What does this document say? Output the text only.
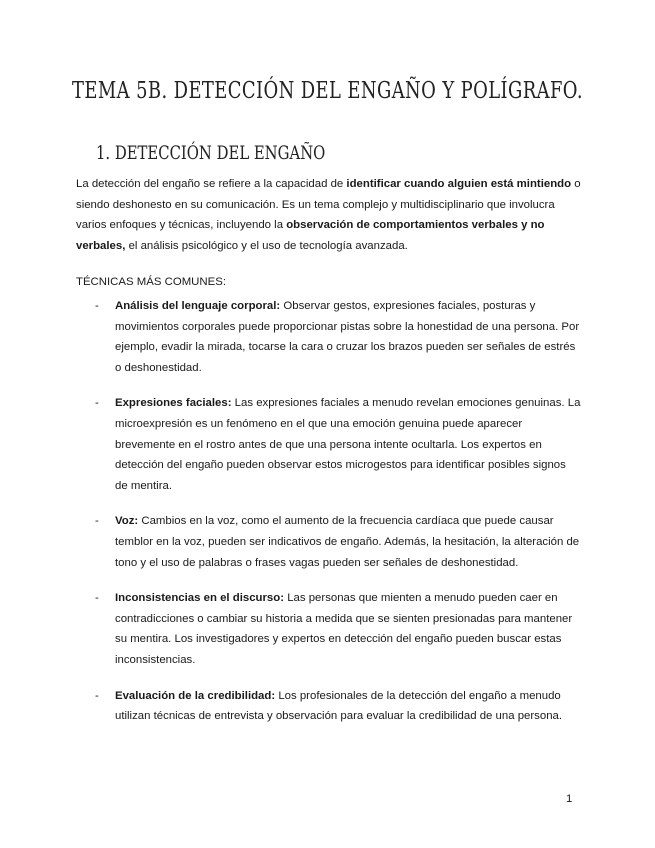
TEMA 5B. DETECCIÓN DEL ENGAÑO Y POLÍGRAFO.
1. DETECCIÓN DEL ENGAÑO

La detección del engaño se refiere a la capacidad de identificar cuando alguien está mintiendo o siendo deshonesto en su comunicación. Es un tema complejo y multidisciplinario que involucra varios enfoques y técnicas, incluyendo la observación de comportamientos verbales y no verbales, el análisis psicológico y el uso de tecnología avanzada.

TÉCNICAS MÁS COMUNES:

- Análisis del lenguaje corporal: Observar gestos, expresiones faciales, posturas y movimientos corporales puede proporcionar pistas sobre la honestidad de una persona. Por ejemplo, evadir la mirada, tocarse la cara o cruzar los brazos pueden ser señales de estrés o deshonestidad.
- Expresiones faciales: Las expresiones faciales a menudo revelan emociones genuinas. La microexpresión es un fenómeno en el que una emoción genuina puede aparecer brevemente en el rostro antes de que una persona intente ocultarla. Los expertos en detección del engaño pueden observar estos microgestos para identificar posibles signos de mentira.
- Voz: Cambios en la voz, como el aumento de la frecuencia cardíaca que puede causar temblor en la voz, pueden ser indicativos de engaño. Además, la hesitación, la alteración de tono y el uso de palabras o frases vagas pueden ser señales de deshonestidad.
- Inconsistencias en el discurso: Las personas que mienten a menudo pueden caer en contradicciones o cambiar su historia a medida que se sienten presionadas para mantener su mentira. Los investigadores y expertos en detección del engaño pueden buscar estas inconsistencias.
- Evaluación de la credibilidad: Los profesionales de la detección del engaño a menudo utilizan técnicas de entrevista y observación para evaluar la credibilidad de una persona.

1
